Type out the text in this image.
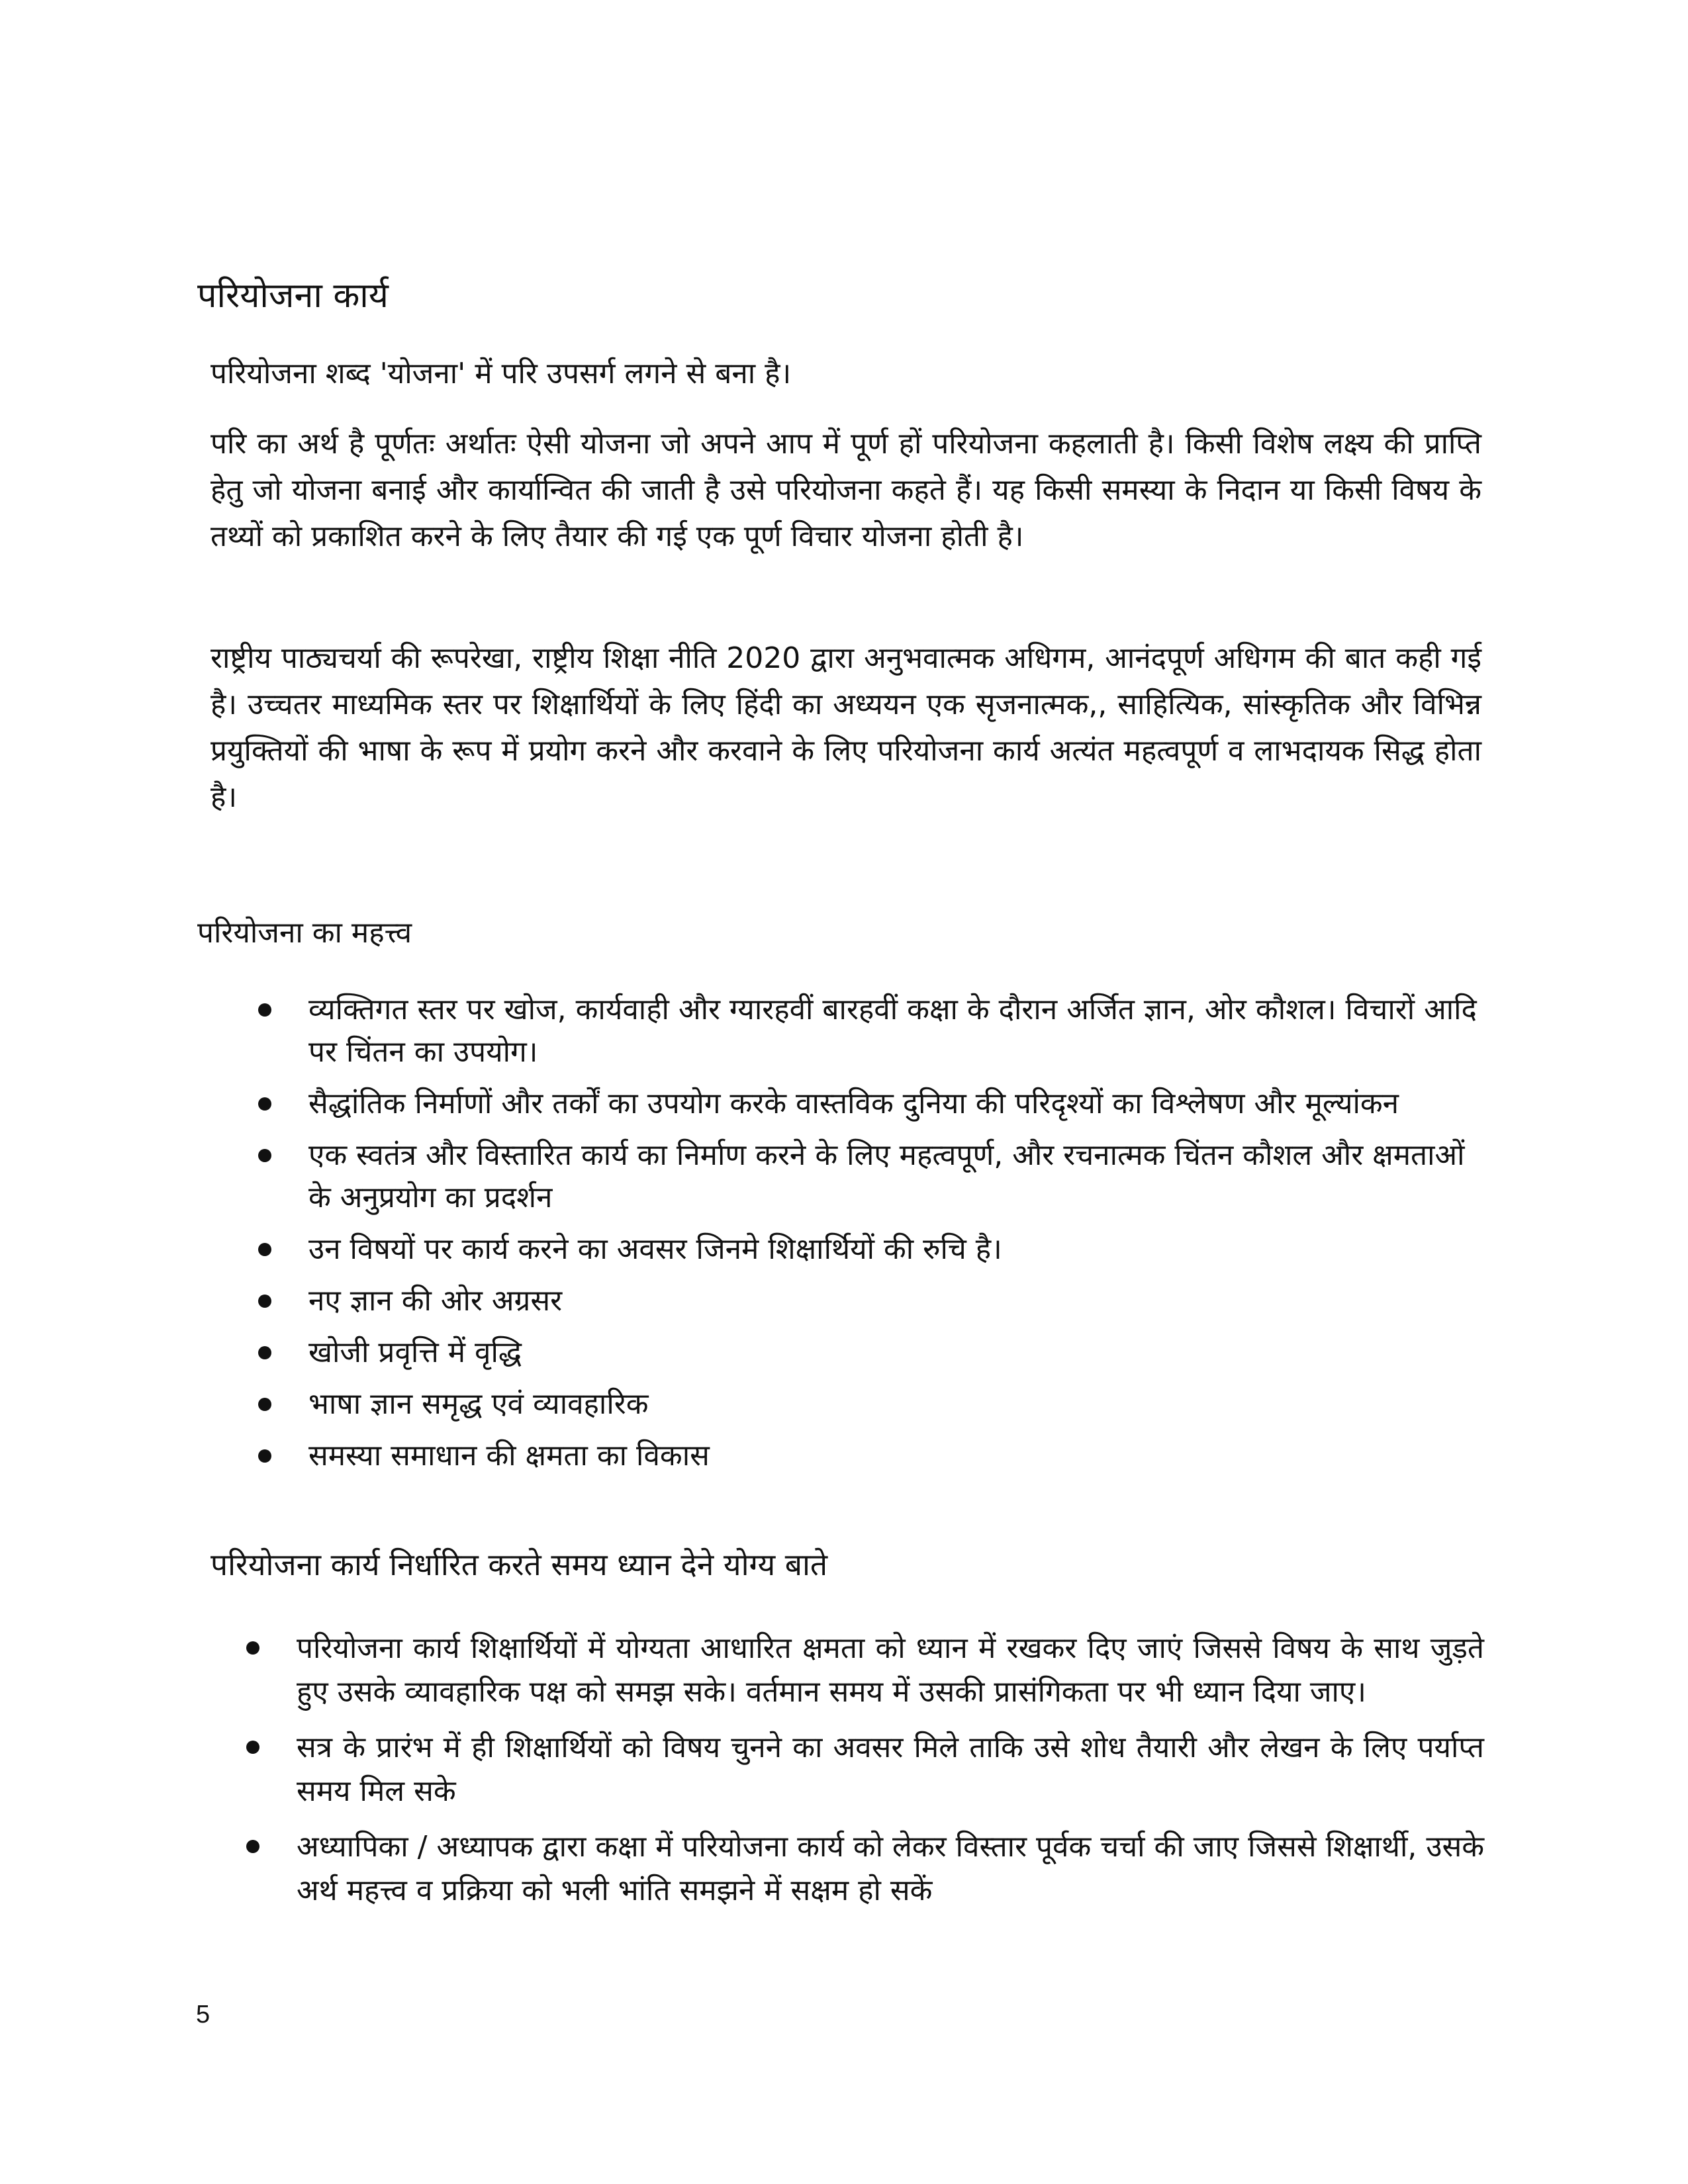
परियोजना कार्य

परियोजना शब्द 'योजना' में परि उपसर्ग लगने से बना है।

परि का अर्थ है पूर्णतः अर्थातः ऐसी योजना जो अपने आप में पूर्ण हों परियोजना कहलाती है। किसी विशेष लक्ष्य की प्राप्ति हेतु जो योजना बनाई और कार्यान्वित की जाती है उसे परियोजना कहते हैं। यह किसी समस्या के निदान या किसी विषय के तथ्यों को प्रकाशित करने के लिए तैयार की गई एक पूर्ण विचार योजना होती है।

राष्ट्रीय पाठ्यचर्या की रूपरेखा, राष्ट्रीय शिक्षा नीति 2020 द्वारा अनुभवात्मक अधिगम, आनंदपूर्ण अधिगम की बात कही गई है। उच्चतर माध्यमिक स्तर पर शिक्षार्थियों के लिए हिंदी का अध्ययन एक सृजनात्मक,, साहित्यिक, सांस्कृतिक और विभिन्न प्रयुक्तियों की भाषा के रूप में प्रयोग करने और करवाने के लिए परियोजना कार्य अत्यंत महत्वपूर्ण व लाभदायक सिद्ध होता है।

परियोजना का महत्त्व
व्यक्तिगत स्तर पर खोज, कार्यवाही और ग्यारहवीं बारहवीं कक्षा के दौरान अर्जित ज्ञान, ओर कौशल। विचारों आदि पर चिंतन का उपयोग।
सैद्धांतिक निर्माणों और तर्कों का उपयोग करके वास्तविक दुनिया की परिदृश्यों का विश्लेषण और मूल्यांकन
एक स्वतंत्र और विस्तारित कार्य का निर्माण करने के लिए महत्वपूर्ण, और रचनात्मक चिंतन कौशल और क्षमताओं के अनुप्रयोग का प्रदर्शन
उन विषयों पर कार्य करने का अवसर जिनमे शिक्षार्थियों की रुचि है।
नए ज्ञान की ओर अग्रसर
खोजी प्रवृत्ति में वृद्धि
भाषा ज्ञान समृद्ध एवं व्यावहारिक
समस्या समाधान की क्षमता का विकास
परियोजना कार्य निर्धारित करते समय ध्यान देने योग्य बाते
परियोजना कार्य शिक्षार्थियों में योग्यता आधारित क्षमता को ध्यान में रखकर दिए जाएं जिससे विषय के साथ जुड़ते हुए उसके व्यावहारिक पक्ष को समझ सके। वर्तमान समय में उसकी प्रासंगिकता पर भी ध्यान दिया जाए।
सत्र के प्रारंभ में ही शिक्षार्थियों को विषय चुनने का अवसर मिले ताकि उसे शोध तैयारी और लेखन के लिए पर्याप्त समय मिल सके
अध्यापिका / अध्यापक द्वारा कक्षा में परियोजना कार्य को लेकर विस्तार पूर्वक चर्चा की जाए जिससे शिक्षार्थी, उसके अर्थ महत्त्व व प्रक्रिया को भली भांति समझने में सक्षम हो सकें
5
